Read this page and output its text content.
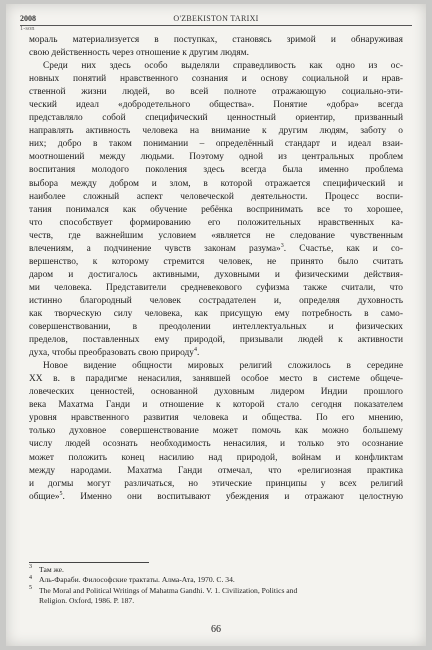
2008	O'ZBEKISTON TARIXI
1-son
мораль материализуется в поступках, становясь зримой и обнаруживая
свою действенность через отношение к другим людям.
Среди них здесь особо выделяли справедливость как одно из ос-
новных понятий нравственного сознания и основу социальной и нрав-
ственной жизни людей, во всей полноте отражающую социально-эти-
ческий идеал «добродетельного общества». Понятие «добра» всегда
представляло собой специфический ценностный ориентир, призванный
направлять активность человека на внимание к другим людям, заботу о
них; добро в таком понимании – определённый стандарт и идеал взаи-
моотношений между людьми. Поэтому одной из центральных проблем
воспитания молодого поколения здесь всегда была именно проблема
выбора между добром и злом, в которой отражается специфический и
наиболее сложный аспект человеческой деятельности. Процесс воспи-
тания понимался как обучение ребёнка воспринимать все то хорошее,
что способствует формированию его положительных нравственных ка-
честв, где важнейшим условием «является не следование чувственным
влечениям, а подчинение чувств законам разума»$^3$. Счастье, как и со-
вершенство, к которому стремится человек, не принято было считать
даром и достигалось активными, духовными и физическими действия-
ми человека. Представители средневекового суфизма также считали, что
истинно благородный человек сострадателен и, определяя духовность
как творческую силу человека, как присущую ему потребность в само-
совершенствовании, в преодолении интеллектуальных и физических
пределов, поставленных ему природой, призывали людей к активности
духа, чтобы преобразовать свою природу$^4$.
Новое видение общности мировых религий сложилось в середине
XX в. в парадигме ненасилия, занявшей особое место в системе общече-
ловеческих ценностей, основанной духовным лидером Индии прошлого
века Махатма Ганди и отношение к которой стало сегодня показателем
уровня нравственного развития человека и общества. По его мнению,
только духовное совершенствование может помочь как можно большему
числу людей осознать необходимость ненасилия, и только это осознание
может положить конец насилию над природой, войнам и конфликтам
между народами. Махатма Ганди отмечал, что «религиозная практика
и догмы могут различаться, но этические принципы у всех религий
общие»$^5$. Именно они воспитывают убеждения и отражают целостную
$^3$ Там же.
$^4$ Аль-Фараби. Философские трактаты. Алма-Ата, 1970. С. 34.
$^5$ The Moral and Political Writings of Mahatma Gandhi. V. 1. Civilization, Politics and
Religion. Oxford, 1986. P. 187.
66
